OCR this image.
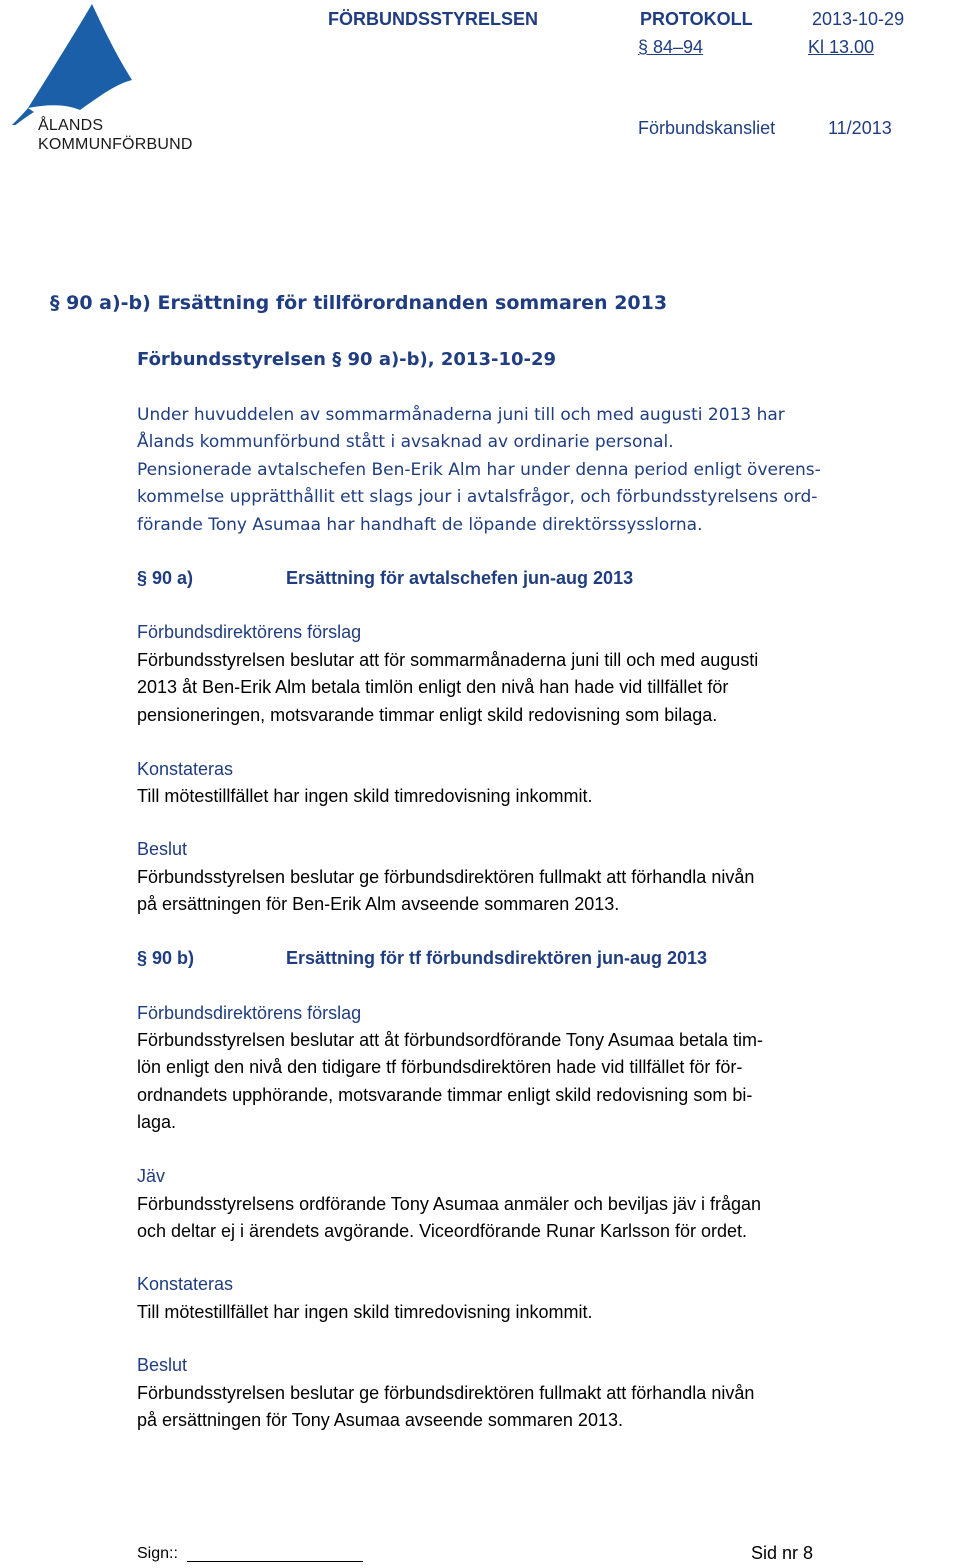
ÅLANDS
KOMMUNFÖRBUND
FÖRBUNDSSTYRELSEN	PROTOKOLL	2013-10-29
§ 84–94	Kl 13.00
Förbundskansliet	11/2013
§ 90 a)-b) Ersättning för tillförordnanden sommaren 2013
Förbundsstyrelsen § 90 a)-b), 2013-10-29
Under huvuddelen av sommarmånaderna juni till och med augusti 2013 har
Ålands kommunförbund stått i avsaknad av ordinarie personal.
Pensionerade avtalschefen Ben-Erik Alm har under denna period enligt överens-
kommelse upprätthållit ett slags jour i avtalsfrågor, och förbundsstyrelsens ord-
förande Tony Asumaa har handhaft de löpande direktörssysslorna.
§ 90 a)	Ersättning för avtalschefen jun-aug 2013
Förbundsdirektörens förslag
Förbundsstyrelsen beslutar att för sommarmånaderna juni till och med augusti
2013 åt Ben-Erik Alm betala timlön enligt den nivå han hade vid tillfället för
pensioneringen, motsvarande timmar enligt skild redovisning som bilaga.
Konstateras
Till mötestillfället har ingen skild timredovisning inkommit.
Beslut
Förbundsstyrelsen beslutar ge förbundsdirektören fullmakt att förhandla nivån
på ersättningen för Ben-Erik Alm avseende sommaren 2013.
§ 90 b)	Ersättning för tf förbundsdirektören jun-aug 2013
Förbundsdirektörens förslag
Förbundsstyrelsen beslutar att åt förbundsordförande Tony Asumaa betala tim-
lön enligt den nivå den tidigare tf förbundsdirektören hade vid tillfället för för-
ordnandets upphörande, motsvarande timmar enligt skild redovisning som bi-
laga.
Jäv
Förbundsstyrelsens ordförande Tony Asumaa anmäler och beviljas jäv i frågan
och deltar ej i ärendets avgörande. Viceordförande Runar Karlsson för ordet.
Konstateras
Till mötestillfället har ingen skild timredovisning inkommit.
Beslut
Förbundsstyrelsen beslutar ge förbundsdirektören fullmakt att förhandla nivån
på ersättningen för Tony Asumaa avseende sommaren 2013.
Sign::	Sid nr 8
